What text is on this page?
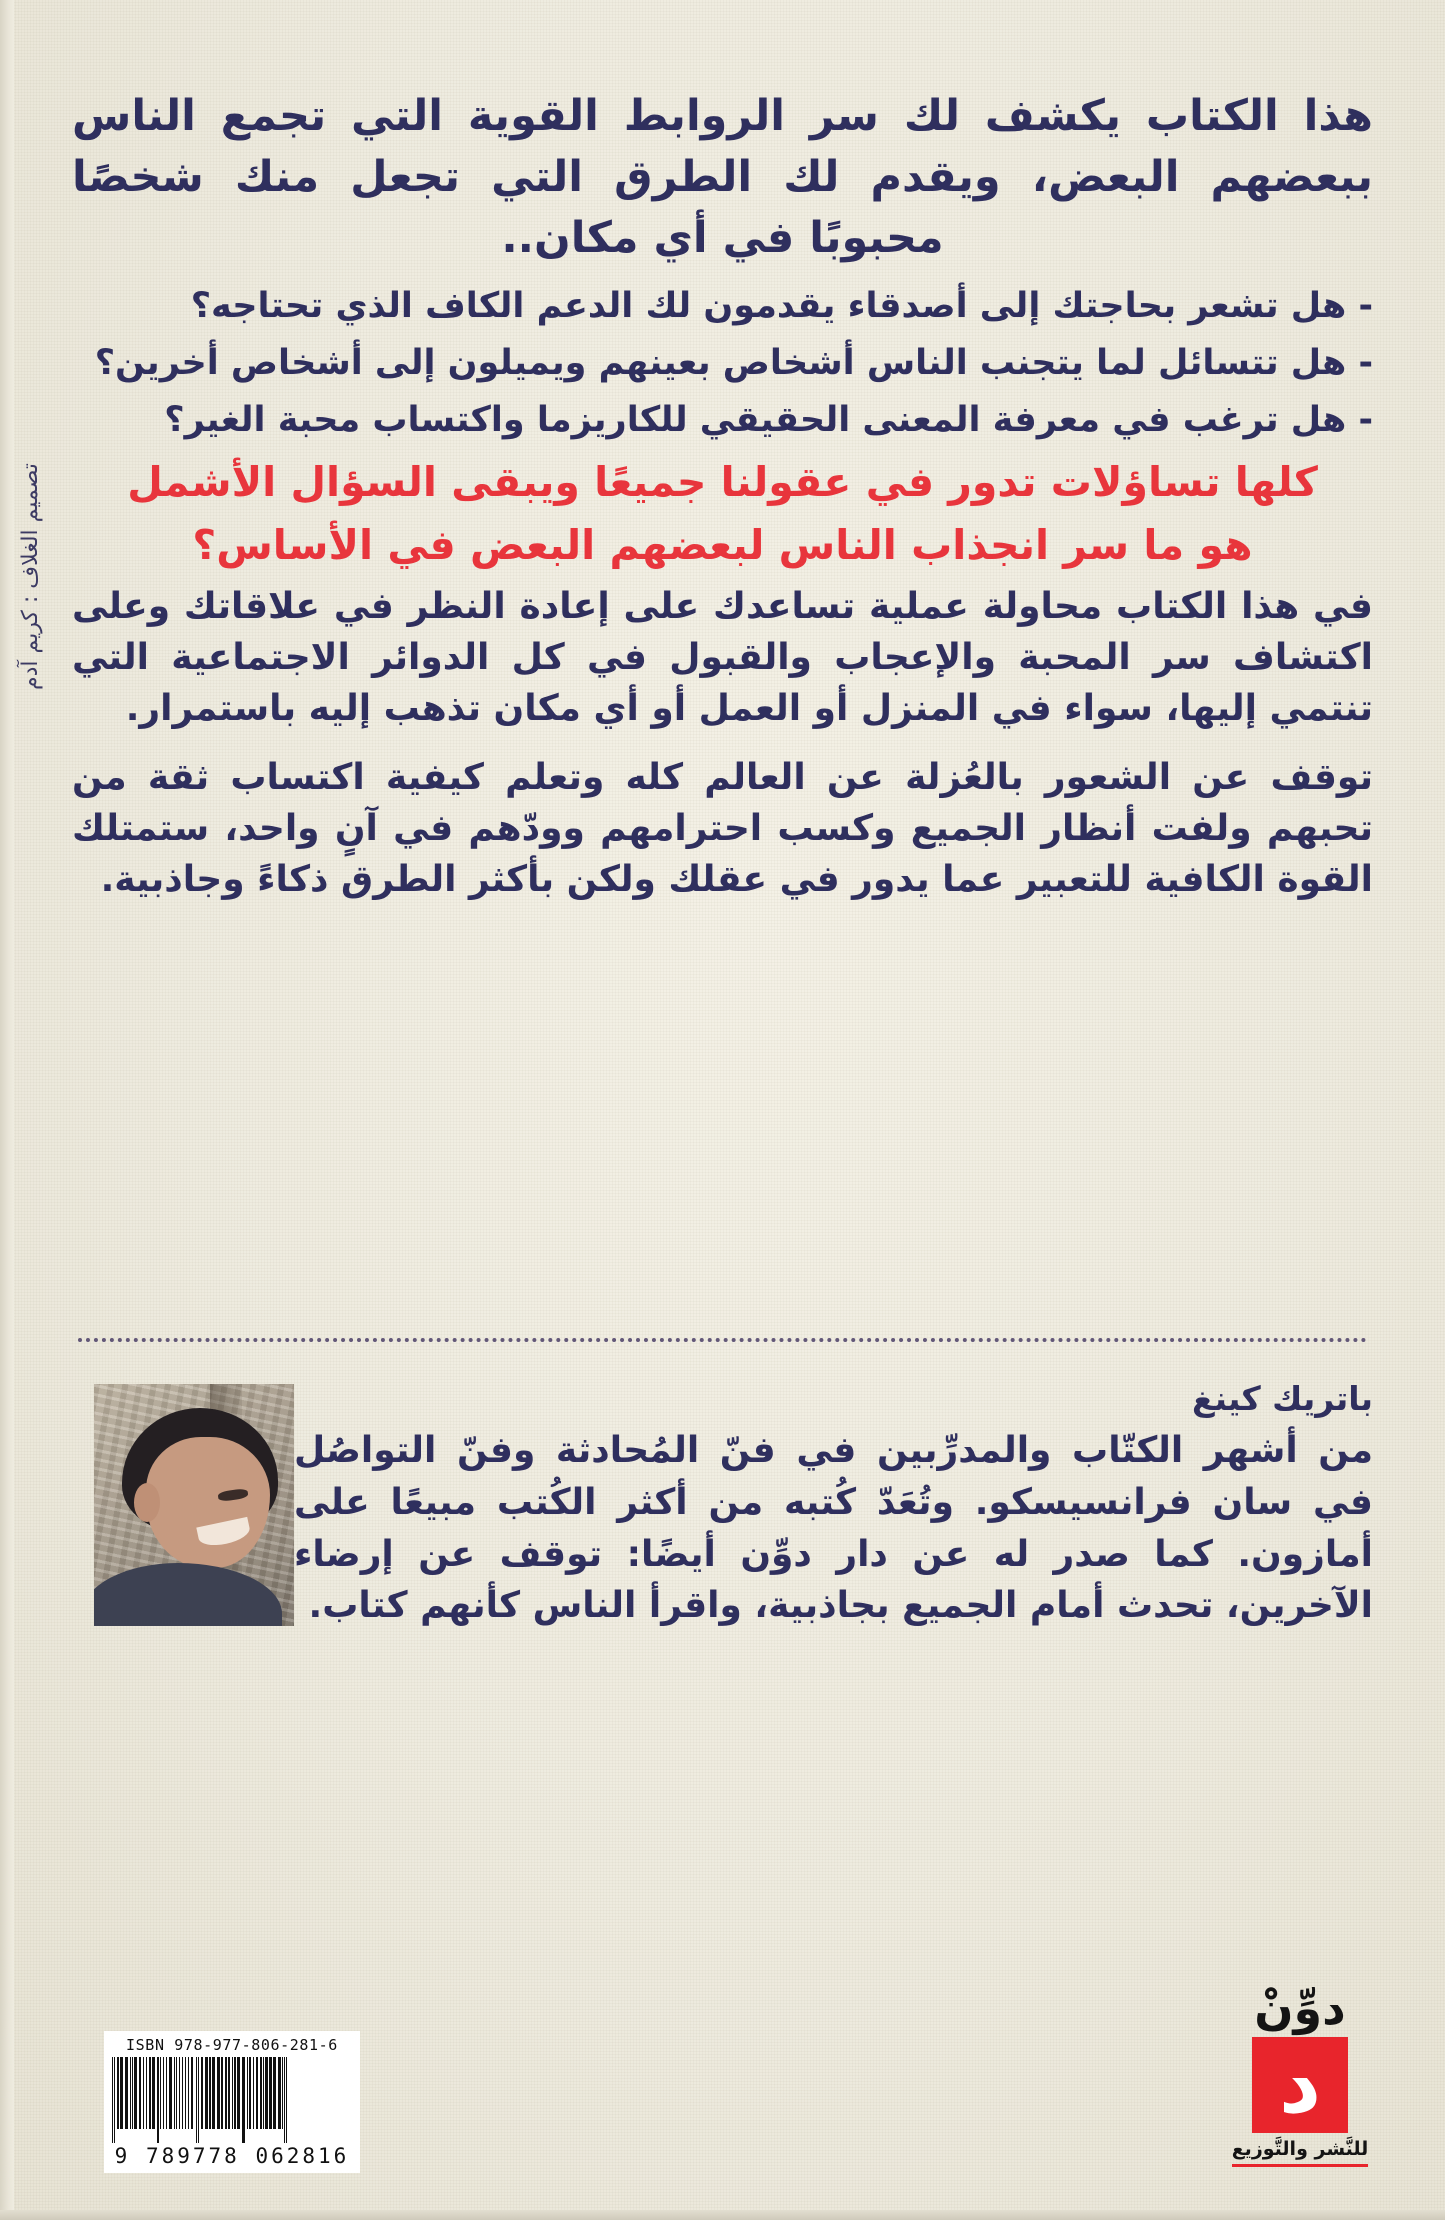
تصميم الغلاف : كريم آدم

هذا الكتاب يكشف لك سر الروابط القوية التي تجمع الناس ببعضهم البعض، ويقدم لك الطرق التي تجعل منك شخصًا محبوبًا في أي مكان..

- هل تشعر بحاجتك إلى أصدقاء يقدمون لك الدعم الكاف الذي تحتاجه؟

- هل تتسائل لما يتجنب الناس أشخاص بعينهم ويميلون إلى أشخاص أخرين؟

- هل ترغب في معرفة المعنى الحقيقي للكاريزما واكتساب محبة الغير؟

كلها تساؤلات تدور في عقولنا جميعًا ويبقى السؤال الأشمل

هو ما سر انجذاب الناس لبعضهم البعض في الأساس؟

في هذا الكتاب محاولة عملية تساعدك على إعادة النظر في علاقاتك وعلى اكتشاف سر المحبة والإعجاب والقبول في كل الدوائر الاجتماعية التي تنتمي إليها، سواء في المنزل أو العمل أو أي مكان تذهب إليه باستمرار.

توقف عن الشعور بالعُزلة عن العالم كله وتعلم كيفية اكتساب ثقة من تحبهم ولفت أنظار الجميع وكسب احترامهم وودّهم في آنٍ واحد، ستمتلك القوة الكافية للتعبير عما يدور في عقلك ولكن بأكثر الطرق ذكاءً وجاذبية.

باتريك كينغ
من أشهر الكتّاب والمدرِّبين في فنّ المُحادثة وفنّ التواصُل في سان فرانسيسكو. وتُعَدّ كُتبه من أكثر الكُتب مبيعًا على أمازون. كما صدر له عن دار دوِّن أيضًا: توقف عن إرضاء الآخرين، تحدث أمام الجميع بجاذبية، واقرأ الناس كأنهم كتاب.
دوِّنْ
د
للنَّشر والتَّوزيع
ISBN 978-977-806-281-6
9 789778 062816
